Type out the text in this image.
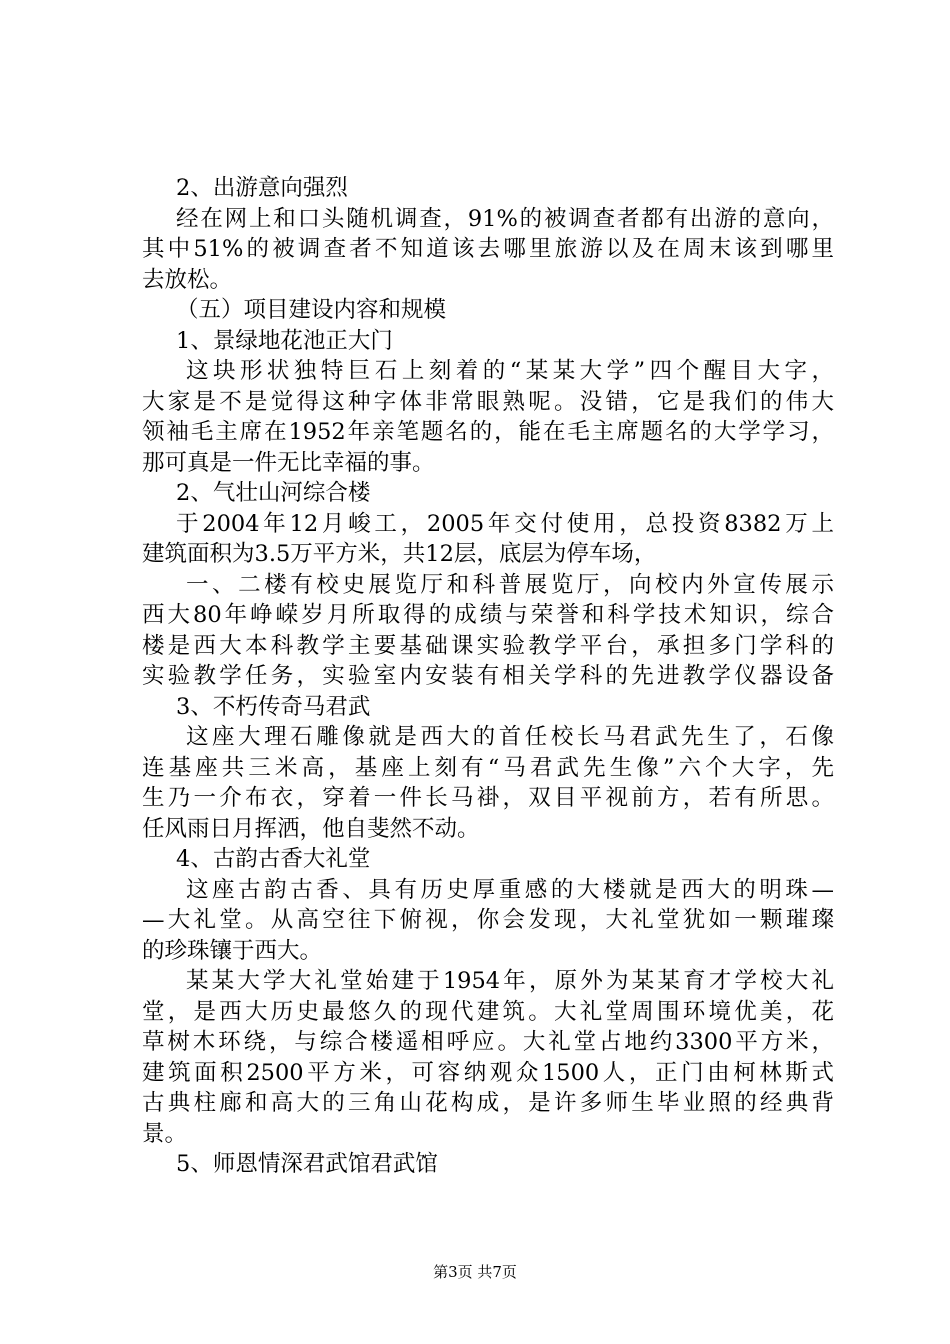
2、出游意向强烈
经在网上和口头随机调查，91%的被调查者都有出游的意向，
其中51%的被调查者不知道该去哪里旅游以及在周末该到哪里
去放松。
（五）项目建设内容和规模
1、景绿地花池正大门
这块形状独特巨石上刻着的“某某大学”四个醒目大字，
大家是不是觉得这种字体非常眼熟呢。没错，它是我们的伟大
领袖毛主席在1952年亲笔题名的，能在毛主席题名的大学学习，
那可真是一件无比幸福的事。
2、气壮山河综合楼
于2004年12月峻工，2005年交付使用，总投资8382万上
建筑面积为3.5万平方米，共12层，底层为停车场，
一、二楼有校史展览厅和科普展览厅，向校内外宣传展示
西大80年峥嵘岁月所取得的成绩与荣誉和科学技术知识，综合
楼是西大本科教学主要基础课实验教学平台，承担多门学科的
实验教学任务，实验室内安装有相关学科的先进教学仪器设备
3、不朽传奇马君武
这座大理石雕像就是西大的首任校长马君武先生了，石像
连基座共三米高，基座上刻有“马君武先生像”六个大字，先
生乃一介布衣，穿着一件长马褂，双目平视前方，若有所思。
任风雨日月挥洒，他自斐然不动。
4、古韵古香大礼堂
这座古韵古香、具有历史厚重感的大楼就是西大的明珠—
—大礼堂。从高空往下俯视，你会发现，大礼堂犹如一颗璀璨
的珍珠镶于西大。
某某大学大礼堂始建于1954年，原外为某某育才学校大礼
堂，是西大历史最悠久的现代建筑。大礼堂周围环境优美，花
草树木环绕，与综合楼遥相呼应。大礼堂占地约3300平方米，
建筑面积2500平方米，可容纳观众1500人，正门由柯林斯式
古典柱廊和高大的三角山花构成，是许多师生毕业照的经典背
景。
5、师恩情深君武馆君武馆
第3页 共7页
